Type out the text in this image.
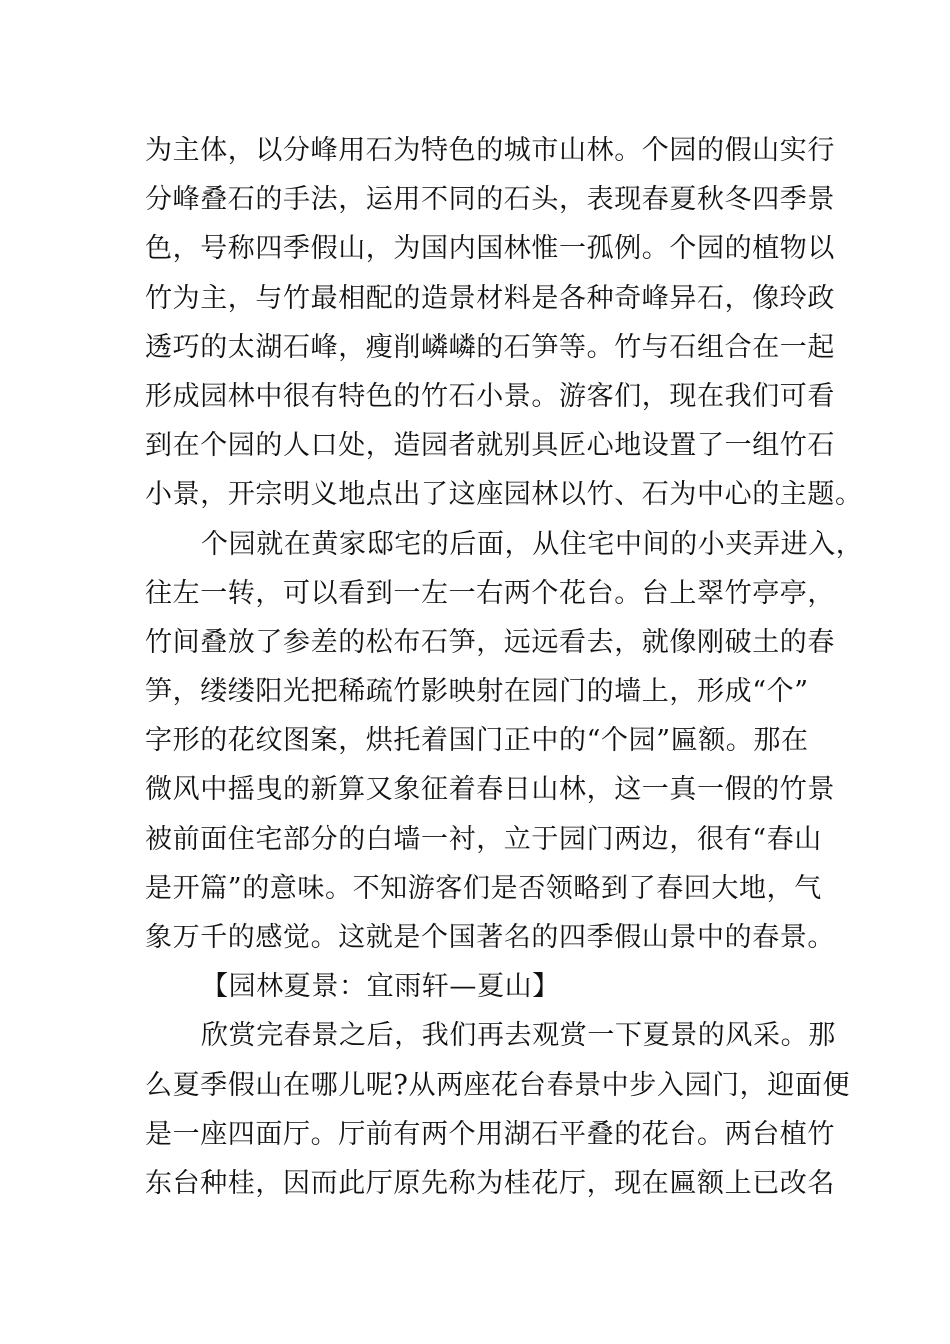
为主体，以分峰用石为特色的城市山林。个园的假山实行
分峰叠石的手法，运用不同的石头，表现春夏秋冬四季景
色，号称四季假山，为国内国林惟一孤例。个园的植物以
竹为主，与竹最相配的造景材料是各种奇峰异石，像玲政
透巧的太湖石峰，瘦削嶙嶙的石笋等。竹与石组合在一起
形成园林中很有特色的竹石小景。游客们，现在我们可看
到在个园的人口处，造园者就别具匠心地设置了一组竹石
小景，开宗明义地点出了这座园林以竹、石为中心的主题。
个园就在黄家邸宅的后面，从住宅中间的小夹弄进入，
往左一转，可以看到一左一右两个花台。台上翠竹亭亭，
竹间叠放了参差的松布石笋，远远看去，就像刚破土的春
笋，缕缕阳光把稀疏竹影映射在园门的墙上，形成“个”
字形的花纹图案，烘托着国门正中的“个园”匾额。那在
微风中摇曳的新算又象征着春日山林，这一真一假的竹景
被前面住宅部分的白墙一衬，立于园门两边，很有“春山
是开篇”的意味。不知游客们是否领略到了春回大地，气
象万千的感觉。这就是个国著名的四季假山景中的春景。
【园林夏景：宜雨轩—夏山】
欣赏完春景之后，我们再去观赏一下夏景的风采。那
么夏季假山在哪儿呢?从两座花台春景中步入园门，迎面便
是一座四面厅。厅前有两个用湖石平叠的花台。两台植竹
东台种桂，因而此厅原先称为桂花厅，现在匾额上已改名
